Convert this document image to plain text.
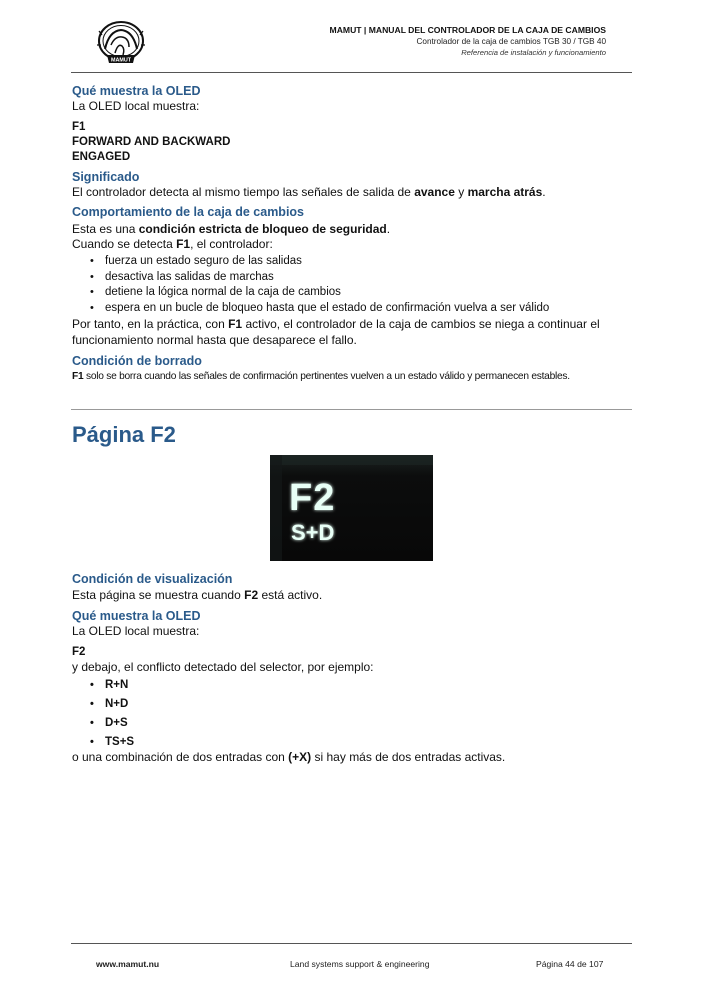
MAMUT
MAMUT | MANUAL DEL CONTROLADOR DE LA CAJA DE CAMBIOS
Controlador de la caja de cambios TGB 30 / TGB 40
Referencia de instalación y funcionamiento
Qué muestra la OLED
La OLED local muestra:
F1
FORWARD AND BACKWARD
ENGAGED
Significado
El controlador detecta al mismo tiempo las señales de salida de avance y marcha atrás.
Comportamiento de la caja de cambios
Esta es una condición estricta de bloqueo de seguridad.
Cuando se detecta F1, el controlador:
• fuerza un estado seguro de las salidas
• desactiva las salidas de marchas
• detiene la lógica normal de la caja de cambios
• espera en un bucle de bloqueo hasta que el estado de confirmación vuelva a ser válido
Por tanto, en la práctica, con F1 activo, el controlador de la caja de cambios se niega a continuar el funcionamiento normal hasta que desaparece el fallo.
Condición de borrado
F1 solo se borra cuando las señales de confirmación pertinentes vuelven a un estado válido y permanecen estables.
Página F2
F2
S+D
Condición de visualización
Esta página se muestra cuando F2 está activo.
Qué muestra la OLED
La OLED local muestra:
F2
y debajo, el conflicto detectado del selector, por ejemplo:
• R+N
• N+D
• D+S
• TS+S
o una combinación de dos entradas con (+X) si hay más de dos entradas activas.
www.mamut.nu	Land systems support & engineering	Página 44 de 107
